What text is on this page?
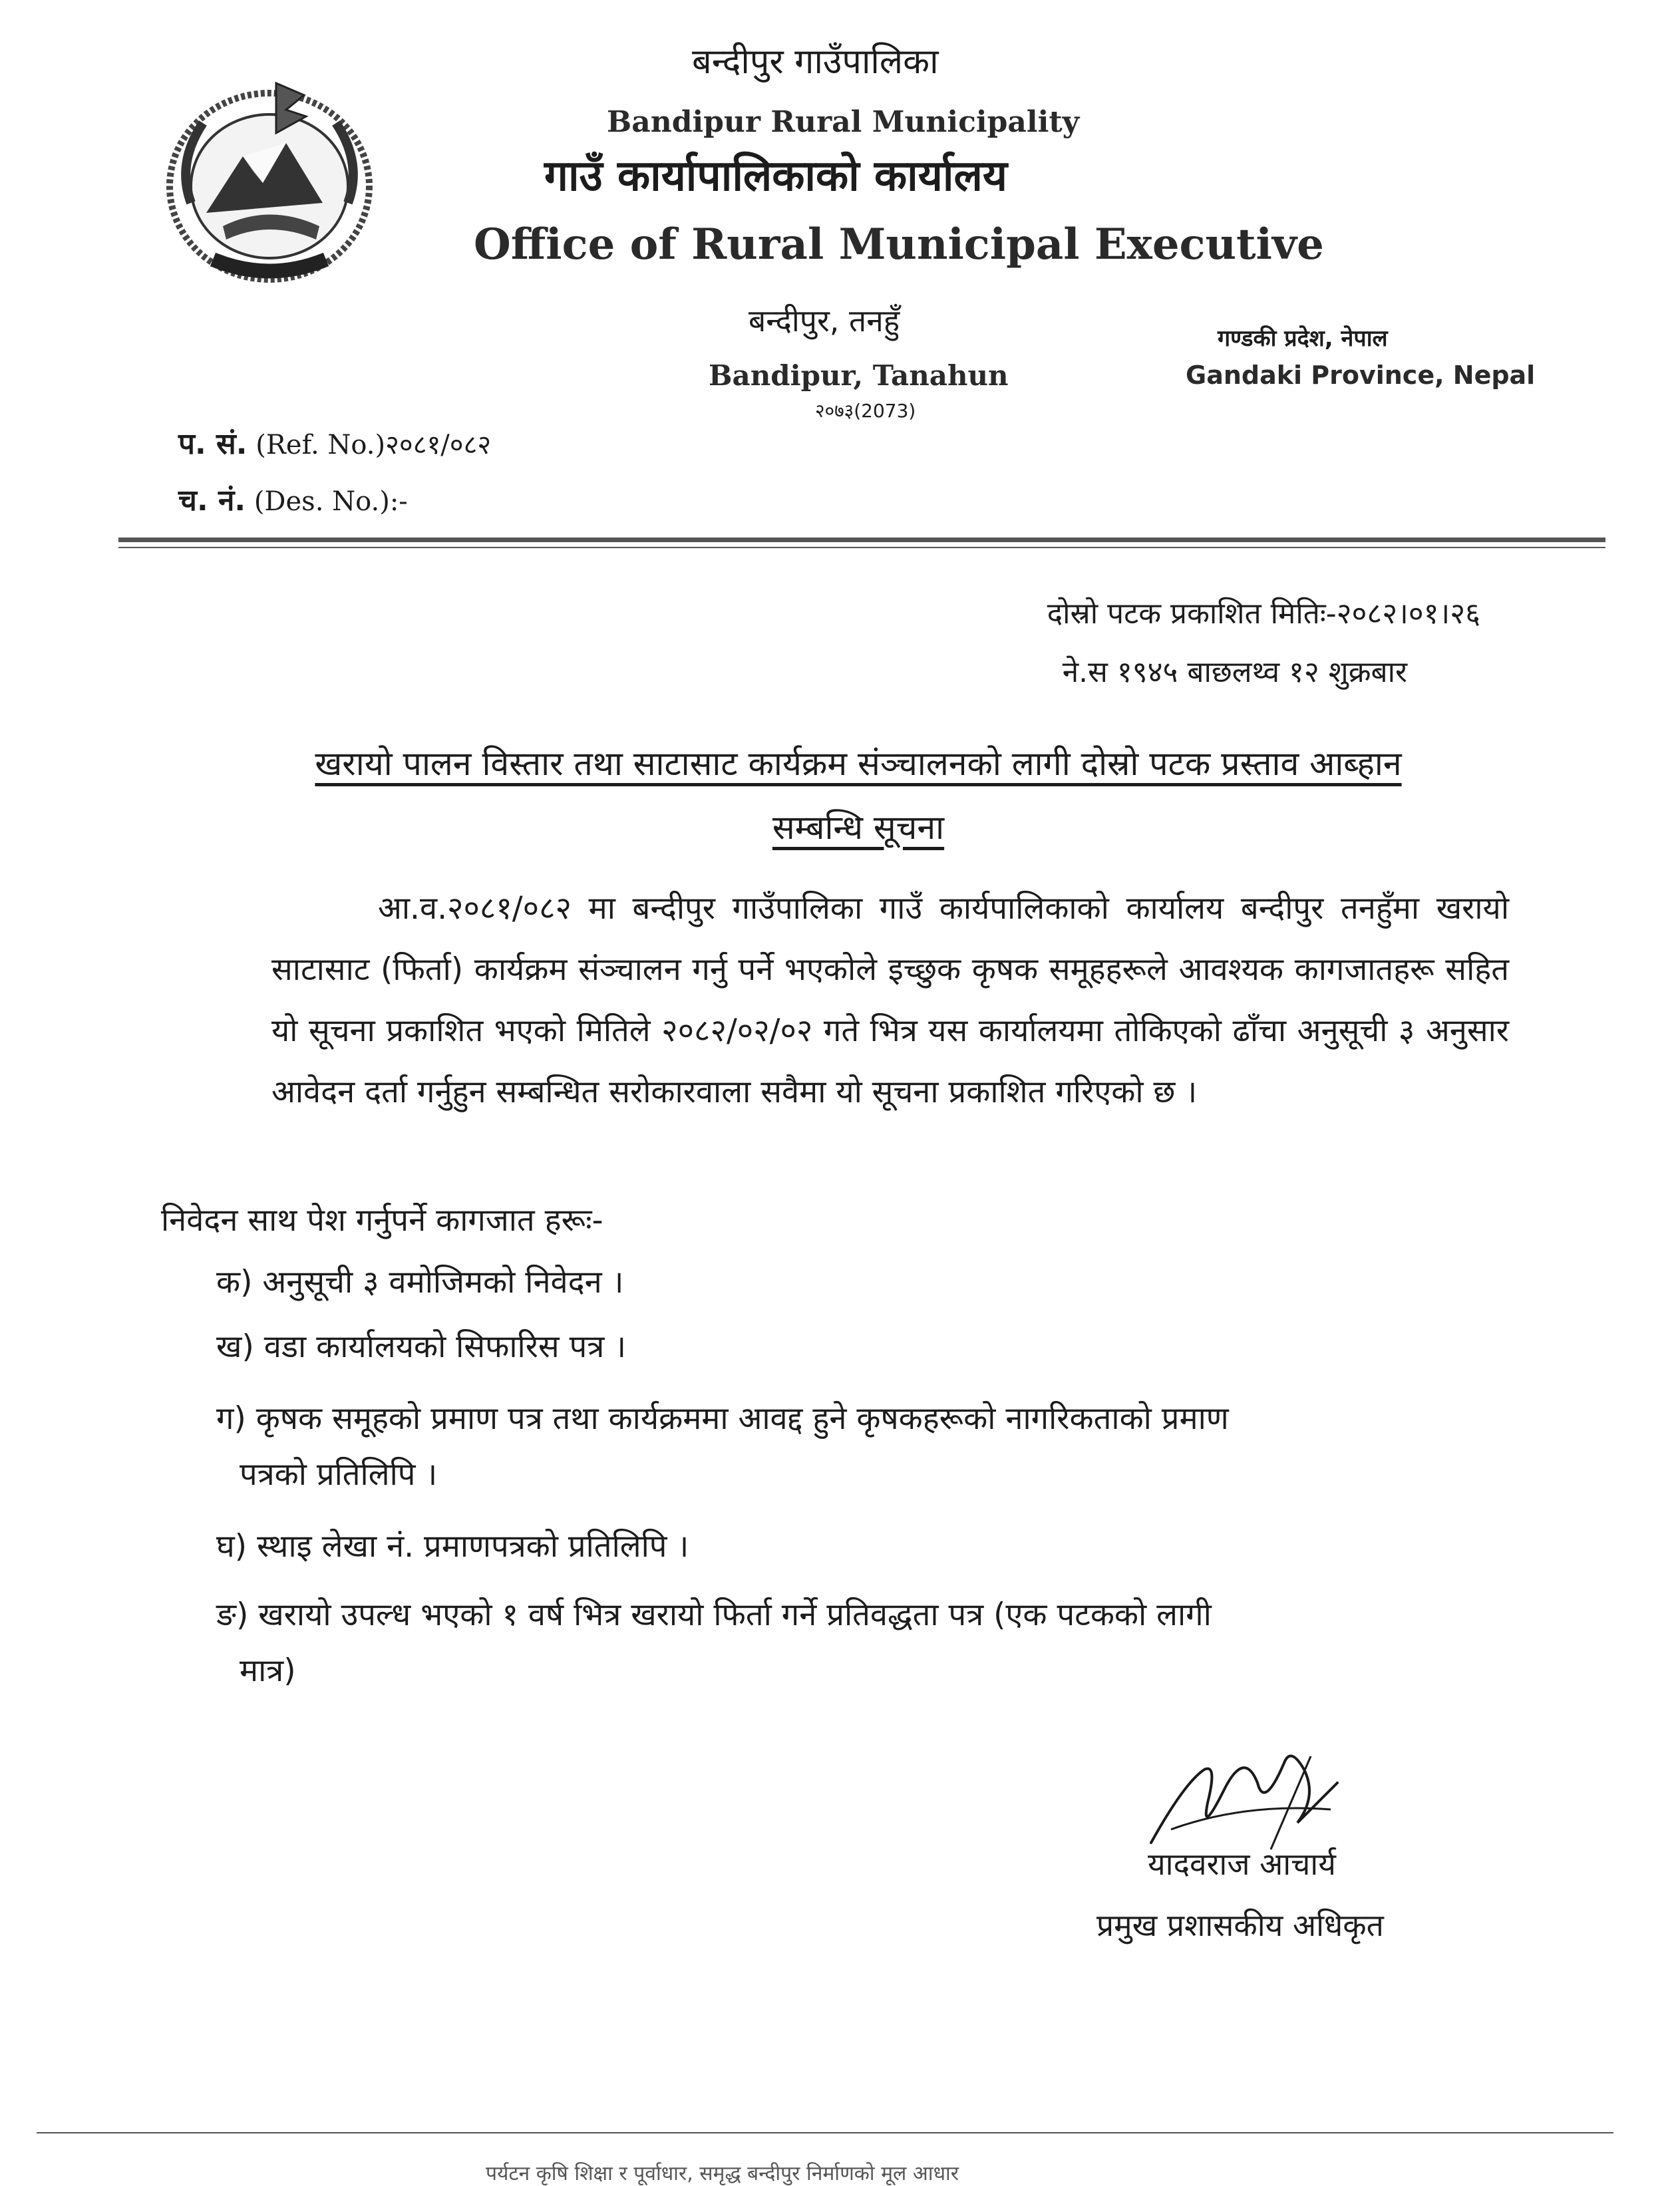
बन्दीपुर गाउँपालिका
Bandipur Rural Municipality
गाउँ कार्यापालिकाको कार्यालय
Office of Rural Municipal Executive
बन्दीपुर, तनहुँ
Bandipur, Tanahun
२०७३(2073)
गण्डकी प्रदेश, नेपाल
Gandaki Province, Nepal
प. सं. (Ref. No.)२०८१/०८२
च. नं. (Des. No.):-
दोस्रो पटक प्रकाशित मितिः-२०८२।०१।२६
ने.स १९४५ बाछलथ्व १२ शुक्रबार
खरायो पालन विस्तार तथा साटासाट कार्यक्रम संञ्चालनको लागी दोस्रो पटक प्रस्ताव आब्हान
सम्बन्धि सूचना
आ.व.२०८१/०८२ मा बन्दीपुर गाउँपालिका गाउँ कार्यपालिकाको कार्यालय बन्दीपुर तनहुँमा खरायो साटासाट (फिर्ता) कार्यक्रम संञ्चालन गर्नु पर्ने भएकोले इच्छुक कृषक समूहहरूले आवश्यक कागजातहरू सहित यो सूचना प्रकाशित भएको मितिले २०८२/०२/०२ गते भित्र यस कार्यालयमा तोकिएको ढाँचा अनुसूची ३ अनुसार आवेदन दर्ता गर्नुहुन सम्बन्धित सरोकारवाला सवैमा यो सूचना प्रकाशित गरिएको छ ।
निवेदन साथ पेश गर्नुपर्ने कागजात हरूः-
क) अनुसूची ३ वमोजिमको निवेदन ।
ख) वडा कार्यालयको सिफारिस पत्र ।
ग) कृषक समूहको प्रमाण पत्र तथा कार्यक्रममा आवद्द हुने कृषकहरूको नागरिकताको प्रमाण
पत्रको प्रतिलिपि ।
घ) स्थाइ लेखा नं. प्रमाणपत्रको प्रतिलिपि ।
ङ) खरायो उपल्ध भएको १ वर्ष भित्र खरायो फिर्ता गर्ने प्रतिवद्धता पत्र (एक पटकको लागी
मात्र)
यादवराज आचार्य
प्रमुख प्रशासकीय अधिकृत
पर्यटन कृषि शिक्षा र पूर्वाधार, समृद्ध बन्दीपुर निर्माणको मूल आधार
